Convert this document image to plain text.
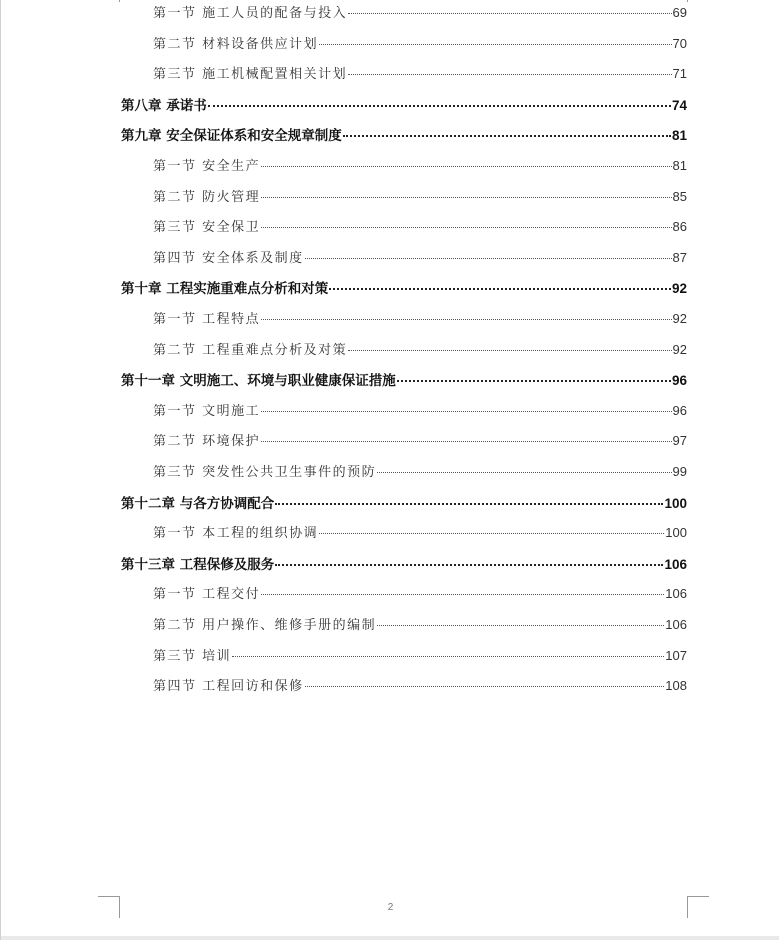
第一节 施工人员的配备与投入	69
第二节 材料设备供应计划	70
第三节 施工机械配置相关计划	71
第八章 承诺书	74
第九章 安全保证体系和安全规章制度	81
第一节 安全生产	81
第二节 防火管理	85
第三节 安全保卫	86
第四节 安全体系及制度	87
第十章 工程实施重难点分析和对策	92
第一节 工程特点	92
第二节 工程重难点分析及对策	92
第十一章 文明施工、环境与职业健康保证措施	96
第一节 文明施工	96
第二节 环境保护	97
第三节 突发性公共卫生事件的预防	99
第十二章 与各方协调配合	100
第一节 本工程的组织协调	100
第十三章 工程保修及服务	106
第一节 工程交付	106
第二节 用户操作、维修手册的编制	106
第三节 培训	107
第四节 工程回访和保修	108
2
